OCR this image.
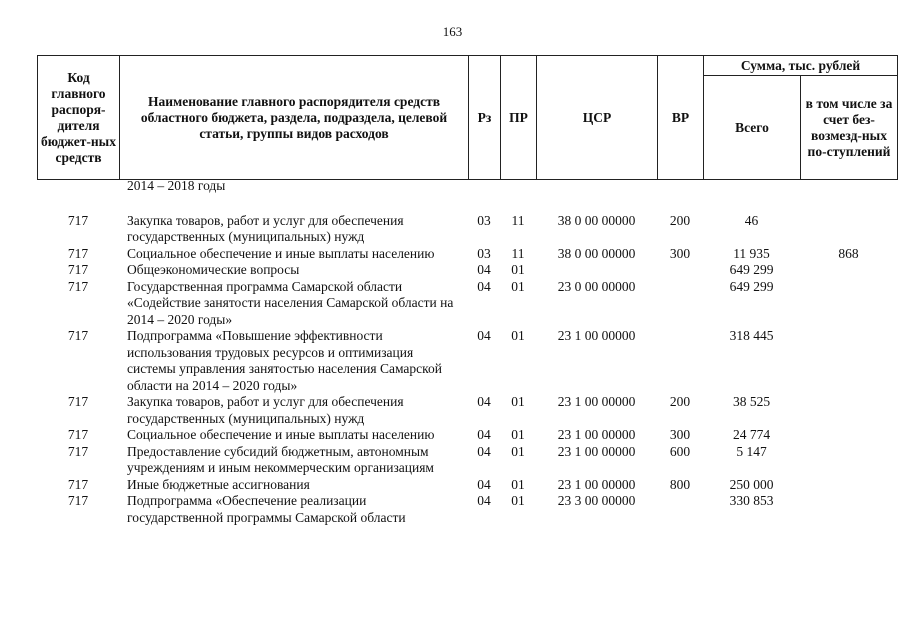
163
Код главного распоря-дителя бюджет-ных средств	Наименование главного распорядителя средств областного бюджета, раздела, подраздела, целевой статьи, группы видов расходов	Рз	ПР	ЦСР	ВР	Сумма, тыс. рублей	
						Всего	в том числе за счет без-возмезд-ных по-ступлений
	2014 – 2018 годы						

717	Закупка товаров, работ и услуг для обеспечения государственных (муниципальных) нужд	03	11	38 0 00 00000	200	46	
717	Социальное обеспечение и иные выплаты населению	03	11	38 0 00 00000	300	11 935	868
717	Общеэкономические вопросы	04	01			649 299	
717	Государственная программа Самарской области «Содействие занятости населения Самарской области на 2014 – 2020 годы»	04	01	23 0 00 00000		649 299	
717	Подпрограмма «Повышение эффективности использования трудовых ресурсов и оптимизация системы управления занятостью населения Самарской области на 2014 – 2020 годы»	04	01	23 1 00 00000		318 445	
717	Закупка товаров, работ и услуг для обеспечения государственных (муниципальных) нужд	04	01	23 1 00 00000	200	38 525	
717	Социальное обеспечение и иные выплаты населению	04	01	23 1 00 00000	300	24 774	
717	Предоставление субсидий бюджетным, автономным учреждениям и иным некоммерческим организациям	04	01	23 1 00 00000	600	5 147	
717	Иные бюджетные ассигнования	04	01	23 1 00 00000	800	250 000	
717	Подпрограмма «Обеспечение реализации государственной программы Самарской области	04	01	23 3 00 00000		330 853	
